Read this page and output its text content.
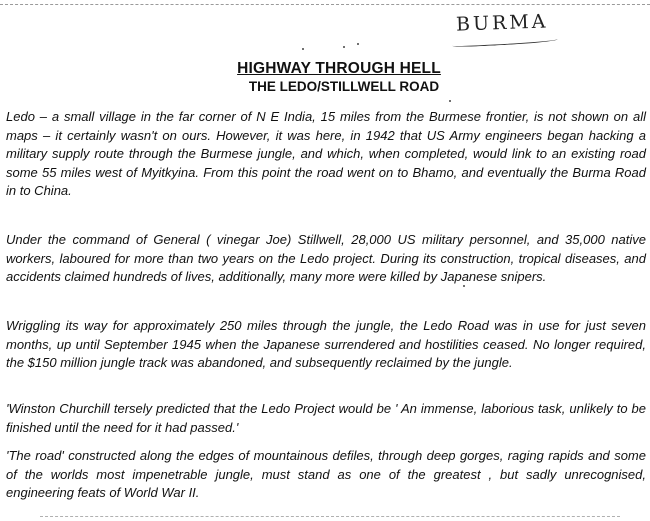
BURMA
HIGHWAY THROUGH HELL
THE LEDO/STILLWELL ROAD

Ledo – a small village in the far corner of N E India, 15 miles from the Burmese frontier, is not shown on all maps – it certainly wasn't on ours. However, it was here, in 1942 that US Army engineers began hacking a military supply route through the Burmese jungle, and which, when completed, would link to an existing road some 55 miles west of Myitkyina. From this point the road went on to Bhamo, and eventually the Burma Road in to China.

Under the command of General ( vinegar Joe) Stillwell, 28,000 US military personnel, and 35,000 native workers, laboured for more than two years on the Ledo project. During its construction, tropical diseases, and accidents claimed hundreds of lives, additionally, many more were killed by Japanese snipers.

Wriggling its way for approximately 250 miles through the jungle, the Ledo Road was in use for just seven months, up until September 1945 when the Japanese surrendered and hostilities ceased. No longer required, the $150 million jungle track was abandoned, and subsequently reclaimed by the jungle.

'Winston Churchill tersely predicted that the Ledo Project would be ' An immense, laborious task, unlikely to be finished until the need for it had passed.'

'The road' constructed along the edges of mountainous defiles, through deep gorges, raging rapids and some of the worlds most impenetrable jungle, must stand as one of the greatest , but sadly unrecognised, engineering feats of World War II.
